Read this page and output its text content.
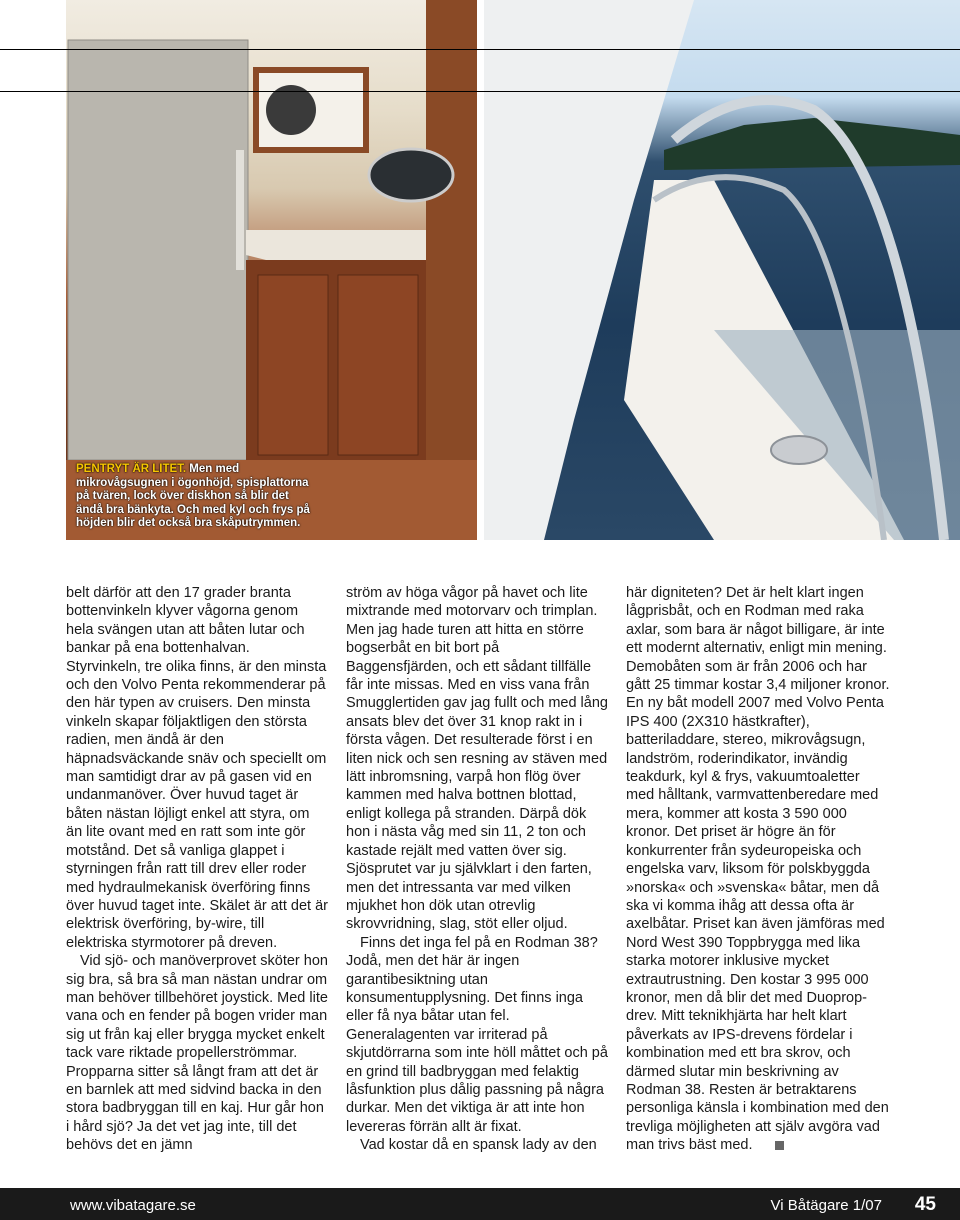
PENTRYT ÄR LITET. Men med mikrovågsugnen i ögonhöjd, spisplattorna på tvären, lock över diskhon så blir det ändå bra bänkyta. Och med kyl och frys på höjden blir det också bra skåputrymmen.

belt därför att den 17 grader branta bottenvinkeln klyver vågorna genom hela svängen utan att båten lutar och bankar på ena bottenhalvan. Styrvinkeln, tre olika finns, är den minsta och den Volvo Penta rekommenderar på den här typen av cruisers. Den minsta vinkeln skapar följaktligen den största radien, men ändå är den häpnadsväckande snäv och speciellt om man samtidigt drar av på gasen vid en undanmanöver. Över huvud taget är båten nästan löjligt enkel att styra, om än lite ovant med en ratt som inte gör motstånd. Det så vanliga glappet i styrningen från ratt till drev eller roder med hydraulmekanisk överföring finns över huvud taget inte. Skälet är att det är elektrisk överföring, by-wire, till elektriska styrmotorer på dreven.

Vid sjö- och manöverprovet sköter hon sig bra, så bra så man nästan undrar om man behöver tillbehöret joystick. Med lite vana och en fender på bogen vrider man sig ut från kaj eller brygga mycket enkelt tack vare riktade propellerströmmar. Propparna sitter så långt fram att det är en barnlek att med sidvind backa in den stora badbryggan till en kaj. Hur går hon i hård sjö? Ja det vet jag inte, till det behövs det en jämn

ström av höga vågor på havet och lite mixtrande med motorvarv och trimplan. Men jag hade turen att hitta en större bogserbåt en bit bort på Baggensfjärden, och ett sådant tillfälle får inte missas. Med en viss vana från Smugglertiden gav jag fullt och med lång ansats blev det över 31 knop rakt in i första vågen. Det resulterade först i en liten nick och sen resning av stäven med lätt inbromsning, varpå hon flög över kammen med halva bottnen blottad, enligt kollega på stranden. Därpå dök hon i nästa våg med sin 11, 2 ton och kastade rejält med vatten över sig. Sjösprutet var ju självklart i den farten, men det intressanta var med vilken mjukhet hon dök utan otrevlig skrovvridning, slag, stöt eller oljud.

Finns det inga fel på en Rodman 38? Jodå, men det här är ingen garantibesiktning utan konsumentupplysning. Det finns inga eller få nya båtar utan fel. Generalagenten var irriterad på skjutdörrarna som inte höll måttet och på en grind till badbryggan med felaktig låsfunktion plus dålig passning på några durkar. Men det viktiga är att inte hon levereras förrän allt är fixat.

Vad kostar då en spansk lady av den

här digniteten? Det är helt klart ingen lågprisbåt, och en Rodman med raka axlar, som bara är något billigare, är inte ett modernt alternativ, enligt min mening. Demobåten som är från 2006 och har gått 25 timmar kostar 3,4 miljoner kronor. En ny båt modell 2007 med Volvo Penta IPS 400 (2X310 hästkrafter), batteriladdare, stereo, mikrovågsugn, landström, roderindikator, invändig teakdurk, kyl & frys, vakuumtoaletter med hålltank, varmvattenberedare med mera, kommer att kosta 3 590 000 kronor. Det priset är högre än för konkurrenter från sydeuropeiska och engelska varv, liksom för polskbyggda »norska« och »svenska« båtar, men då ska vi komma ihåg att dessa ofta är axelbåtar. Priset kan även jämföras med Nord West 390 Toppbrygga med lika starka motorer inklusive mycket extrautrustning. Den kostar 3 995 000 kronor, men då blir det med Duopropdrev. Mitt teknikhjärta har helt klart påverkats av IPS-drevens fördelar i kombination med ett bra skrov, och därmed slutar min beskrivning av Rodman 38. Resten är betraktarens personliga känsla i kombination med den trevliga möjligheten att själv avgöra vad man trivs bäst med.

www.vibatagare.se	Vi Båtägare 1/07 45
